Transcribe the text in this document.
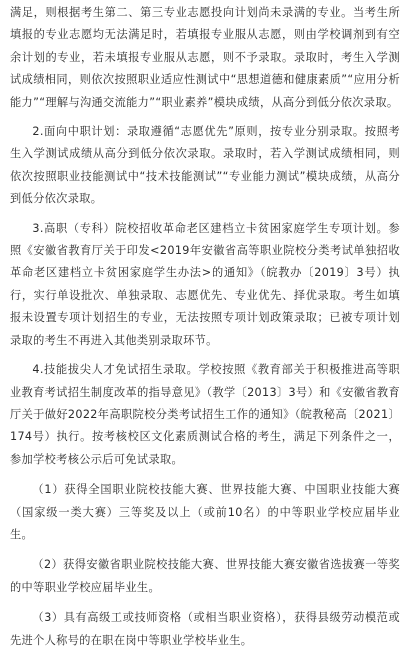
满足，则根据考生第二、第三专业志愿投向计划尚未录满的专业。当考生所填报的专业志愿均无法满足时，若填报专业服从志愿，则由学校调剂到有空余计划的专业，若未填报专业服从志愿，则不予录取。录取时，考生入学测试成绩相同，则依次按照职业适应性测试中“思想道德和健康素质”“应用分析能力”“理解与沟通交流能力”“职业素养”模块成绩，从高分到低分依次录取。

2.面向中职计划：录取遵循“志愿优先”原则，按专业分别录取。按照考生入学测试成绩从高分到低分依次录取。录取时，若入学测试成绩相同，则依次按照职业技能测试中“技术技能测试”“专业能力测试”模块成绩，从高分到低分依次录取。

3.高职（专科）院校招收革命老区建档立卡贫困家庭学生专项计划。参照《安徽省教育厅关于印发<2019年安徽省高等职业院校分类考试单独招收革命老区建档立卡贫困家庭学生办法>的通知》（皖教办〔2019〕3号）执行，实行单设批次、单独录取、志愿优先、专业优先、择优录取。考生如填报未设置专项计划招生的专业，无法按照专项计划政策录取；已被专项计划录取的考生不再进入其他类别录取环节。

4.技能拔尖人才免试招生录取。学校按照《教育部关于积极推进高等职业教育考试招生制度改革的指导意见》（教学〔2013〕3号）和《安徽省教育厅关于做好2022年高职院校分类考试招生工作的通知》（皖教秘高〔2021〕174号）执行。按考核校区文化素质测试合格的考生，满足下列条件之一，参加学校考核公示后可免试录取。

（1）获得全国职业院校技能大赛、世界技能大赛、中国职业技能大赛（国家级一类大赛）三等奖及以上（或前10名）的中等职业学校应届毕业生。

（2）获得安徽省职业院校技能大赛、世界技能大赛安徽省选拔赛一等奖的中等职业学校应届毕业生。

（3）具有高级工或技师资格（或相当职业资格），获得县级劳动模范或先进个人称号的在职在岗中等职业学校毕业生。
